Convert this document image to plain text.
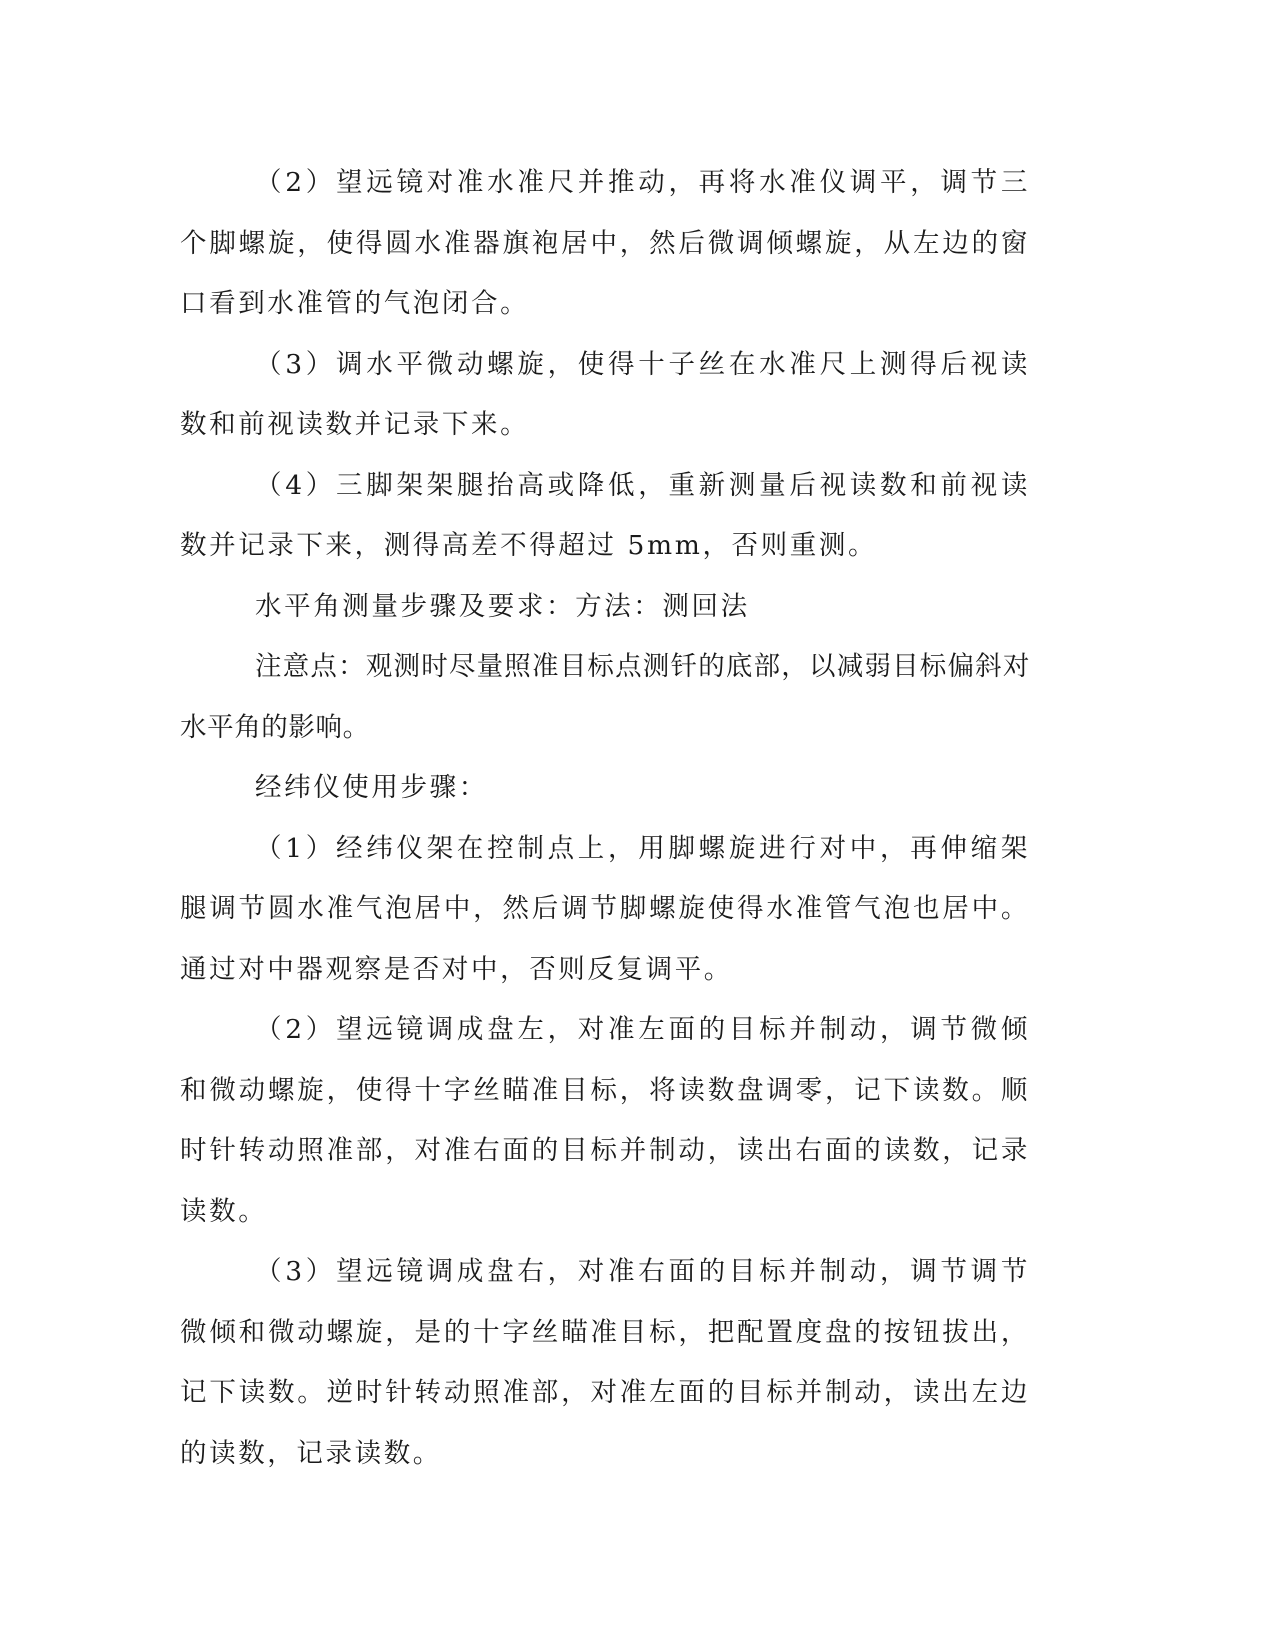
（2）望远镜对准水准尺并推动，再将水准仪调平，调节三个脚螺旋，使得圆水准器旗袍居中，然后微调倾螺旋，从左边的窗口看到水准管的气泡闭合。

（3）调水平微动螺旋，使得十子丝在水准尺上测得后视读数和前视读数并记录下来。

（4）三脚架架腿抬高或降低，重新测量后视读数和前视读数并记录下来，测得高差不得超过 5mm，否则重测。

水平角测量步骤及要求：方法：测回法

注意点：观测时尽量照准目标点测钎的底部，以减弱目标偏斜对水平角的影响。

经纬仪使用步骤：

（1）经纬仪架在控制点上，用脚螺旋进行对中，再伸缩架腿调节圆水准气泡居中，然后调节脚螺旋使得水准管气泡也居中。通过对中器观察是否对中，否则反复调平。

（2）望远镜调成盘左，对准左面的目标并制动，调节微倾和微动螺旋，使得十字丝瞄准目标，将读数盘调零，记下读数。顺时针转动照准部，对准右面的目标并制动，读出右面的读数，记录读数。

（3）望远镜调成盘右，对准右面的目标并制动，调节调节微倾和微动螺旋，是的十字丝瞄准目标，把配置度盘的按钮拔出，记下读数。逆时针转动照准部，对准左面的目标并制动，读出左边的读数，记录读数。
